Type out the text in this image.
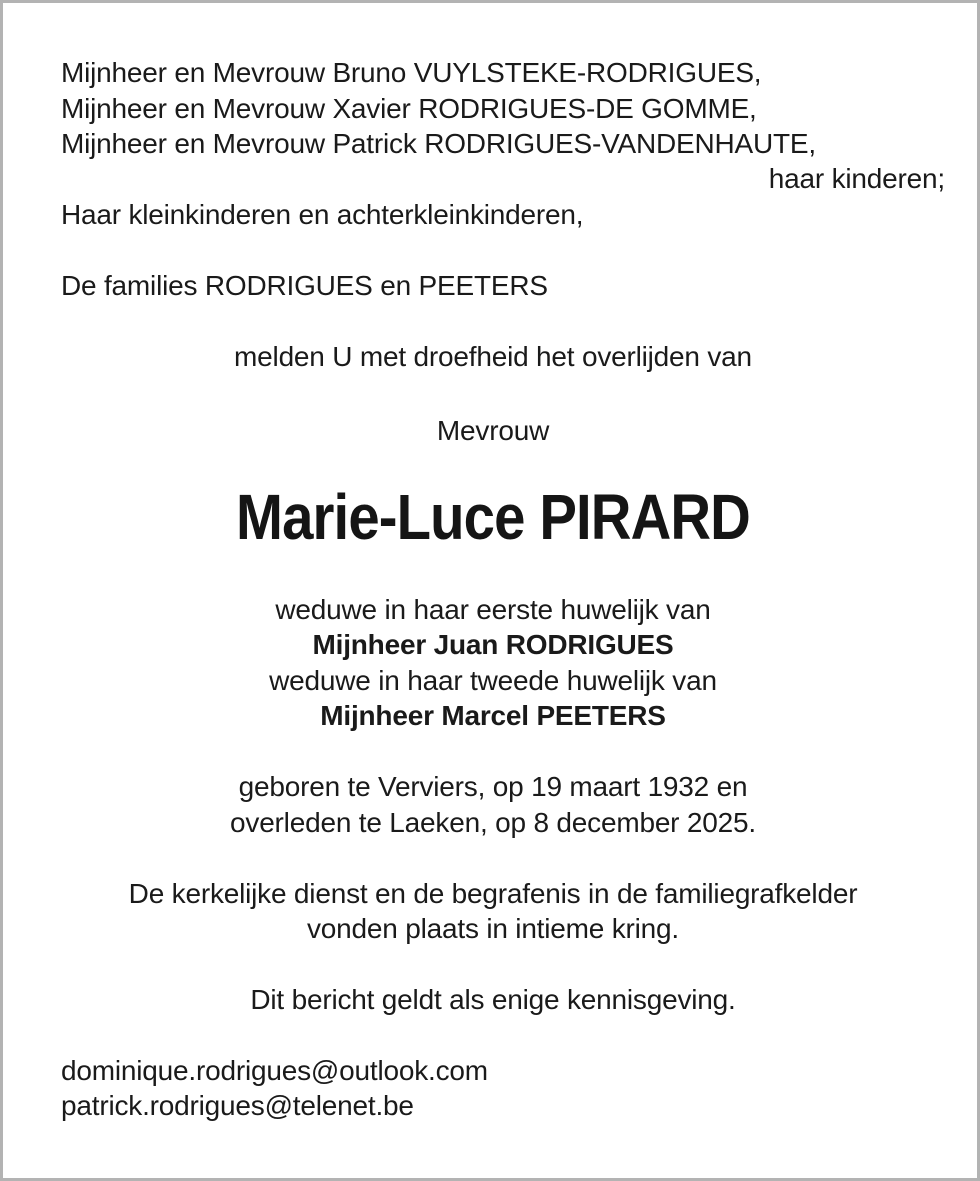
Mijnheer en Mevrouw Bruno VUYLSTEKE-RODRIGUES,
Mijnheer en Mevrouw Xavier RODRIGUES-DE GOMME,
Mijnheer en Mevrouw Patrick RODRIGUES-VANDENHAUTE,
haar kinderen;
Haar kleinkinderen en achterkleinkinderen,
De families RODRIGUES en PEETERS
melden U met droefheid het overlijden van
Mevrouw
Marie-Luce PIRARD
weduwe in haar eerste huwelijk van
Mijnheer Juan RODRIGUES
weduwe in haar tweede huwelijk van
Mijnheer Marcel PEETERS
geboren te Verviers, op 19 maart 1932 en
overleden te Laeken, op 8 december 2025.
De kerkelijke dienst en de begrafenis in de familiegrafkelder
vonden plaats in intieme kring.
Dit bericht geldt als enige kennisgeving.
dominique.rodrigues@outlook.com
patrick.rodrigues@telenet.be
